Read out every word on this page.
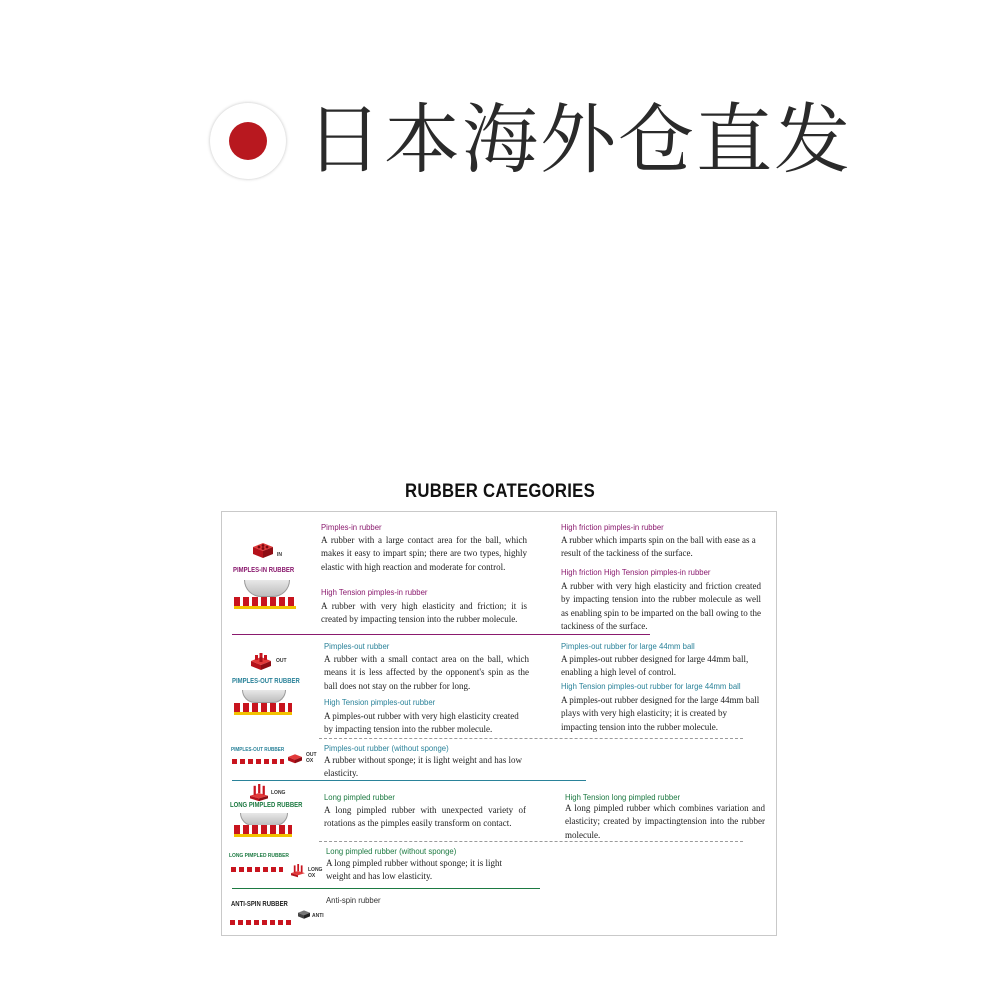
日本海外仓直发
RUBBER CATEGORIES
IN
PIMPLES-IN RUBBER
Pimples-in rubber
A rubber with a large contact area for the ball, which makes it easy to impart spin; there are two types, highly elastic with high reaction and moderate for control.
High Tension pimples-in rubber
A rubber with very high elasticity and friction; it is created by impacting tension into the rubber molecule.
High friction pimples-in rubber
A rubber which imparts spin on the ball with ease as a result of the tackiness of the surface.
High friction High Tension pimples-in rubber
A rubber with very high elasticity and friction created by impacting tension into the rubber molecule as well as enabling spin to be imparted on the ball owing to the tackiness of the surface.
OUT
PIMPLES-OUT RUBBER
Pimples-out rubber
A rubber with a small contact area on the ball, which means it is less affected by the opponent's spin as the ball does not stay on the rubber for long.
High Tension pimples-out rubber
A pimples-out rubber with very high elasticity created by impacting tension into the rubber molecule.
Pimples-out rubber for large 44mm ball
A pimples-out rubber designed for large 44mm ball, enabling a high level of control.
High Tension pimples-out rubber for large 44mm ball
A pimples-out rubber designed for the large 44mm ball plays with very high elasticity; it is created by impacting tension into the rubber molecule.
PIMPLES-OUT RUBBER
OUT OX
Pimples-out rubber (without sponge)
A rubber without sponge; it is light weight and has low elasticity.
LONG
LONG PIMPLED RUBBER
Long pimpled rubber
A long pimpled rubber with unexpected variety of rotations as the pimples easily transform on contact.
High Tension long pimpled rubber
A long pimpled rubber which combines variation and elasticity; created by impactingtension into the rubber molecule.
LONG PIMPLED RUBBER
LONG OX
Long pimpled rubber (without sponge)
A long pimpled rubber without sponge; it is light weight and has low elasticity.
ANTI-SPIN RUBBER
ANTI
Anti-spin rubber
